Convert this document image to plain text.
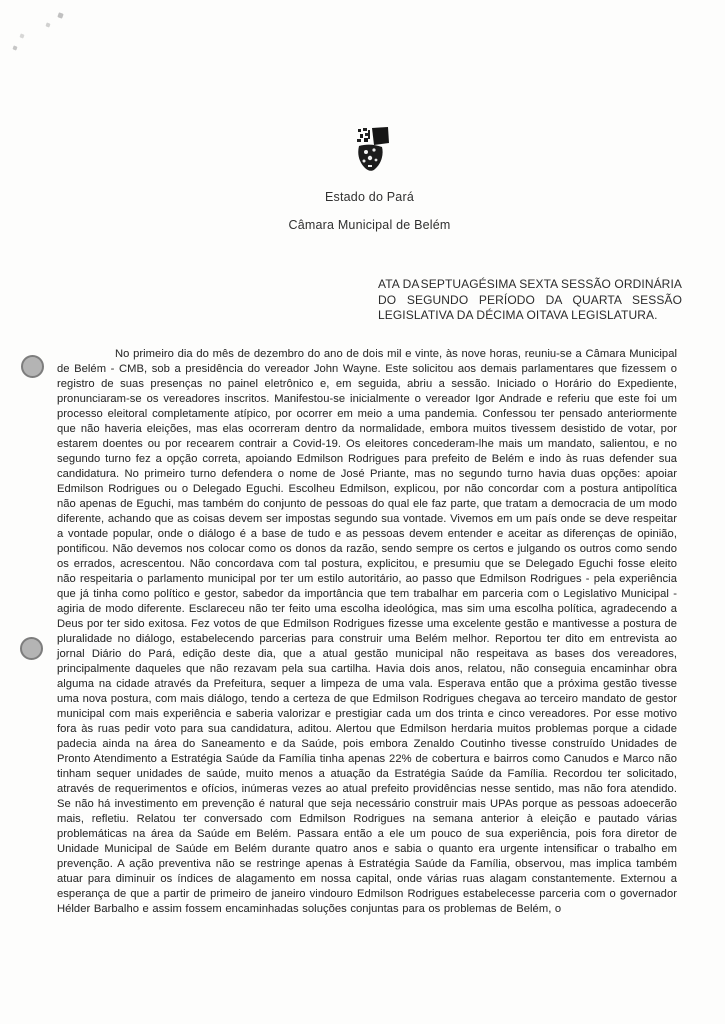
Estado do Pará
Câmara Municipal de Belém
ATA DA SEPTUAGÉSIMA SEXTA SESSÃO ORDINÁRIA
DO SEGUNDO PERÍODO DA QUARTA SESSÃO
LEGISLATIVA DA DÉCIMA OITAVA LEGISLATURA.
No primeiro dia do mês de dezembro do ano de dois mil e vinte, às nove horas, reuniu-se a Câmara Municipal de Belém - CMB, sob a presidência do vereador John Wayne. Este solicitou aos demais parlamentares que fizessem o registro de suas presenças no painel eletrônico e, em seguida, abriu a sessão. Iniciado o Horário do Expediente, pronunciaram-se os vereadores inscritos. Manifestou-se inicialmente o vereador Igor Andrade e referiu que este foi um processo eleitoral completamente atípico, por ocorrer em meio a uma pandemia. Confessou ter pensado anteriormente que não haveria eleições, mas elas ocorreram dentro da normalidade, embora muitos tivessem desistido de votar, por estarem doentes ou por recearem contrair a Covid-19. Os eleitores concederam-lhe mais um mandato, salientou, e no segundo turno fez a opção correta, apoiando Edmilson Rodrigues para prefeito de Belém e indo às ruas defender sua candidatura. No primeiro turno defendera o nome de José Priante, mas no segundo turno havia duas opções: apoiar Edmilson Rodrigues ou o Delegado Eguchi. Escolheu Edmilson, explicou, por não concordar com a postura antipolítica não apenas de Eguchi, mas também do conjunto de pessoas do qual ele faz parte, que tratam a democracia de um modo diferente, achando que as coisas devem ser impostas segundo sua vontade. Vivemos em um país onde se deve respeitar a vontade popular, onde o diálogo é a base de tudo e as pessoas devem entender e aceitar as diferenças de opinião, pontificou. Não devemos nos colocar como os donos da razão, sendo sempre os certos e julgando os outros como sendo os errados, acrescentou. Não concordava com tal postura, explicitou, e presumiu que se Delegado Eguchi fosse eleito não respeitaria o parlamento municipal por ter um estilo autoritário, ao passo que Edmilson Rodrigues - pela experiência que já tinha como político e gestor, sabedor da importância que tem trabalhar em parceria com o Legislativo Municipal - agiria de modo diferente. Esclareceu não ter feito uma escolha ideológica, mas sim uma escolha política, agradecendo a Deus por ter sido exitosa. Fez votos de que Edmilson Rodrigues fizesse uma excelente gestão e mantivesse a postura de pluralidade no diálogo, estabelecendo parcerias para construir uma Belém melhor. Reportou ter dito em entrevista ao jornal Diário do Pará, edição deste dia, que a atual gestão municipal não respeitava as bases dos vereadores, principalmente daqueles que não rezavam pela sua cartilha. Havia dois anos, relatou, não conseguia encaminhar obra alguma na cidade através da Prefeitura, sequer a limpeza de uma vala. Esperava então que a próxima gestão tivesse uma nova postura, com mais diálogo, tendo a certeza de que Edmilson Rodrigues chegava ao terceiro mandato de gestor municipal com mais experiência e saberia valorizar e prestigiar cada um dos trinta e cinco vereadores. Por esse motivo fora às ruas pedir voto para sua candidatura, aditou. Alertou que Edmilson herdaria muitos problemas porque a cidade padecia ainda na área do Saneamento e da Saúde, pois embora Zenaldo Coutinho tivesse construído Unidades de Pronto Atendimento a Estratégia Saúde da Família tinha apenas 22% de cobertura e bairros como Canudos e Marco não tinham sequer unidades de saúde, muito menos a atuação da Estratégia Saúde da Família. Recordou ter solicitado, através de requerimentos e ofícios, inúmeras vezes ao atual prefeito providências nesse sentido, mas não fora atendido. Se não há investimento em prevenção é natural que seja necessário construir mais UPAs porque as pessoas adoecerão mais, refletiu. Relatou ter conversado com Edmilson Rodrigues na semana anterior à eleição e pautado várias problemáticas na área da Saúde em Belém. Passara então a ele um pouco de sua experiência, pois fora diretor de Unidade Municipal de Saúde em Belém durante quatro anos e sabia o quanto era urgente intensificar o trabalho em prevenção. A ação preventiva não se restringe apenas à Estratégia Saúde da Família, observou, mas implica também atuar para diminuir os índices de alagamento em nossa capital, onde várias ruas alagam constantemente. Externou a esperança de que a partir de primeiro de janeiro vindouro Edmilson Rodrigues estabelecesse parceria com o governador Hélder Barbalho e assim fossem encaminhadas soluções conjuntas para os problemas de Belém, o
